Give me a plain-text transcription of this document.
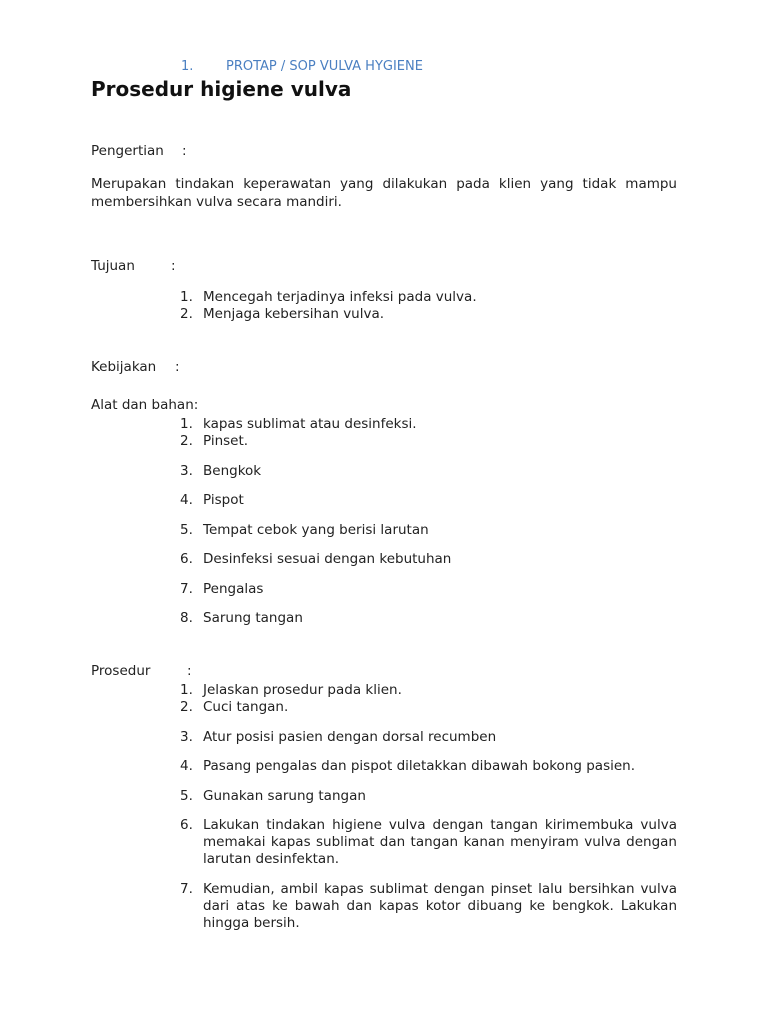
1.	PROTAP / SOP VULVA HYGIENE
Prosedur higiene vulva
Pengertian :
Merupakan tindakan keperawatan yang dilakukan pada klien yang tidak mampu membersihkan vulva secara mandiri.
Tujuan	:
1. Mencegah terjadinya infeksi pada vulva.
2. Menjaga kebersihan vulva.
Kebijakan :
Alat dan bahan:
1. kapas sublimat atau desinfeksi.
2. Pinset.
3. Bengkok
4. Pispot
5. Tempat cebok yang berisi larutan
6. Desinfeksi sesuai dengan kebutuhan
7. Pengalas
8. Sarung tangan
Prosedur	:
1. Jelaskan prosedur pada klien.
2. Cuci tangan.
3. Atur posisi pasien dengan dorsal recumben
4. Pasang pengalas dan pispot diletakkan dibawah bokong pasien.
5. Gunakan sarung tangan
6. Lakukan tindakan higiene vulva dengan tangan kirimembuka vulva memakai kapas sublimat dan tangan kanan menyiram vulva dengan larutan desinfektan.
7. Kemudian, ambil kapas sublimat dengan pinset lalu bersihkan vulva dari atas ke bawah dan kapas kotor dibuang ke bengkok. Lakukan hingga bersih.
